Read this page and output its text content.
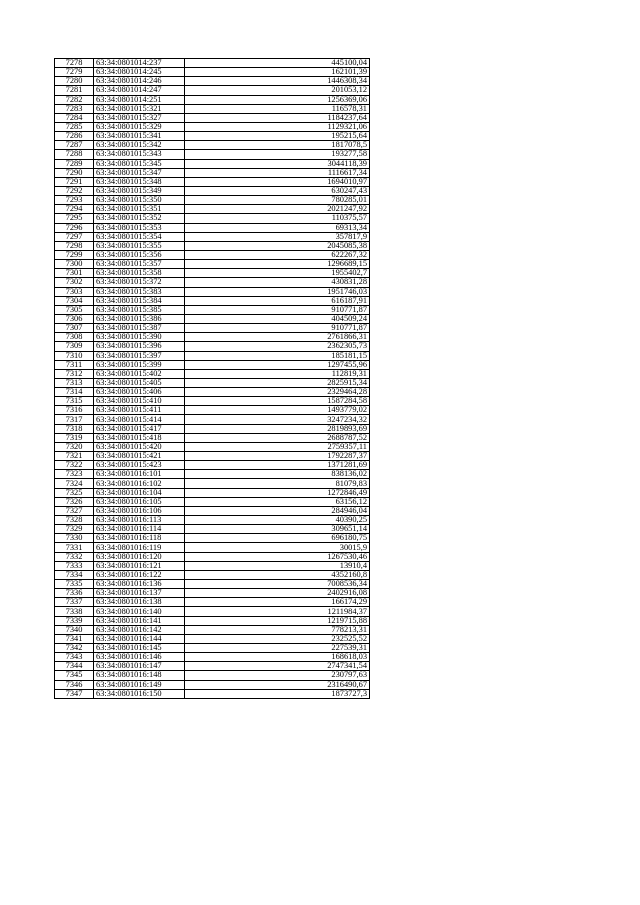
7278	63:34:0801014:237	445100,04
7279	63:34:0801014:245	162101,39
7280	63:34:0801014:246	1446308,34
7281	63:34:0801014:247	201053,12
7282	63:34:0801014:251	1256369,06
7283	63:34:0801015:321	116578,31
7284	63:34:0801015:327	1184237,64
7285	63:34:0801015:329	1129321,06
7286	63:34:0801015:341	195215,64
7287	63:34:0801015:342	1817078,5
7288	63:34:0801015:343	193277,58
7289	63:34:0801015:345	3044118,39
7290	63:34:0801015:347	1116617,34
7291	63:34:0801015:348	1694010,97
7292	63:34:0801015:349	630247,43
7293	63:34:0801015:350	780285,01
7294	63:34:0801015:351	2021247,92
7295	63:34:0801015:352	110375,57
7296	63:34:0801015:353	69313,34
7297	63:34:0801015:354	357817,9
7298	63:34:0801015:355	2045085,38
7299	63:34:0801015:356	622267,32
7300	63:34:0801015:357	1296689,15
7301	63:34:0801015:358	1955402,7
7302	63:34:0801015:372	430831,28
7303	63:34:0801015:383	1951746,03
7304	63:34:0801015:384	616187,91
7305	63:34:0801015:385	910771,87
7306	63:34:0801015:386	404509,24
7307	63:34:0801015:387	910771,87
7308	63:34:0801015:390	2761866,31
7309	63:34:0801015:396	2362305,73
7310	63:34:0801015:397	185181,15
7311	63:34:0801015:399	1297455,96
7312	63:34:0801015:402	112819,31
7313	63:34:0801015:405	2825915,34
7314	63:34:0801015:406	2329464,28
7315	63:34:0801015:410	1587284,58
7316	63:34:0801015:411	1493779,02
7317	63:34:0801015:414	3247234,32
7318	63:34:0801015:417	2819893,69
7319	63:34:0801015:418	2688787,52
7320	63:34:0801015:420	2759357,11
7321	63:34:0801015:421	1792287,37
7322	63:34:0801015:423	1371281,69
7323	63:34:0801016:101	838136,02
7324	63:34:0801016:102	81079,83
7325	63:34:0801016:104	1272846,49
7326	63:34:0801016:105	63156,12
7327	63:34:0801016:106	284946,04
7328	63:34:0801016:113	40390,25
7329	63:34:0801016:114	309651,14
7330	63:34:0801016:118	696180,75
7331	63:34:0801016:119	30015,9
7332	63:34:0801016:120	1267530,46
7333	63:34:0801016:121	13910,4
7334	63:34:0801016:122	4352160,8
7335	63:34:0801016:136	7008536,34
7336	63:34:0801016:137	2402916,08
7337	63:34:0801016:138	166174,29
7338	63:34:0801016:140	1211984,37
7339	63:34:0801016:141	1219715,88
7340	63:34:0801016:142	778213,31
7341	63:34:0801016:144	232525,52
7342	63:34:0801016:145	227539,31
7343	63:34:0801016:146	168618,03
7344	63:34:0801016:147	2747341,54
7345	63:34:0801016:148	230797,63
7346	63:34:0801016:149	2316490,67
7347	63:34:0801016:150	1873727,3
